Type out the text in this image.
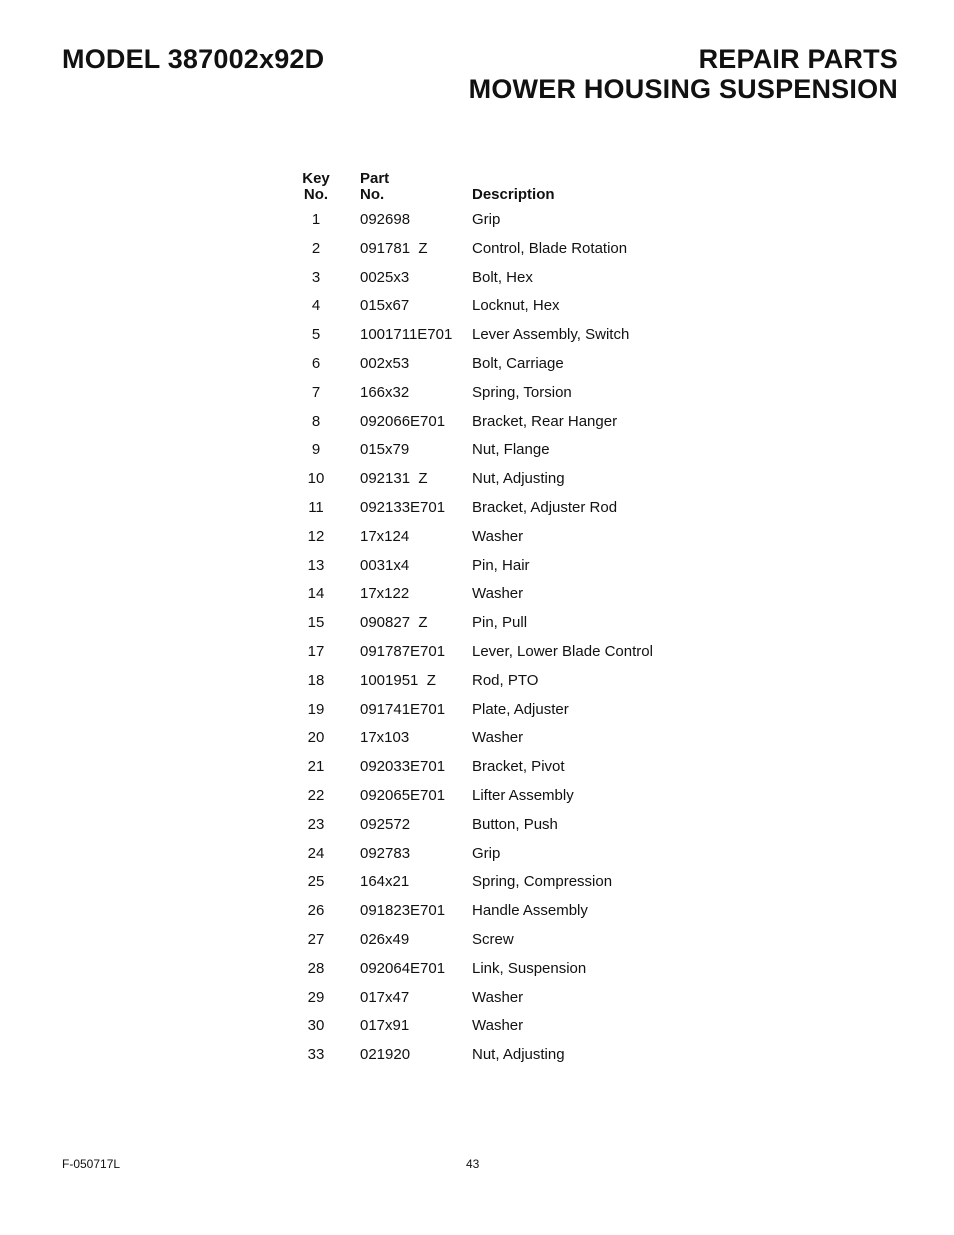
MODEL 387002x92D	REPAIR PARTS
MOWER HOUSING SUSPENSION
Key
No.
Part
No.	Description
1	092698	Grip
2	091781  Z	Control, Blade Rotation
3	0025x3	Bolt, Hex
4	015x67	Locknut, Hex
5	1001711E701 Lever Assembly, Switch
6	002x53	Bolt, Carriage
7	166x32	Spring, Torsion
8	092066E701 Bracket, Rear Hanger
9	015x79	Nut, Flange
10	092131  Z	Nut, Adjusting
11	092133E701 Bracket, Adjuster Rod
12	17x124	Washer
13	0031x4	Pin, Hair
14	17x122	Washer
15	090827  Z	Pin, Pull
17	091787E701 Lever, Lower Blade Control
18	1001951  Z Rod, PTO
19	091741E701 Plate, Adjuster
20	17x103	Washer
21	092033E701 Bracket, Pivot
22	092065E701 Lifter Assembly
23	092572	Button, Push
24	092783	Grip
25	164x21	Spring, Compression
26	091823E701 Handle Assembly
27	026x49	Screw
28	092064E701 Link, Suspension
29	017x47	Washer
30	017x91	Washer
33	021920	Nut, Adjusting
F-050717L	43
